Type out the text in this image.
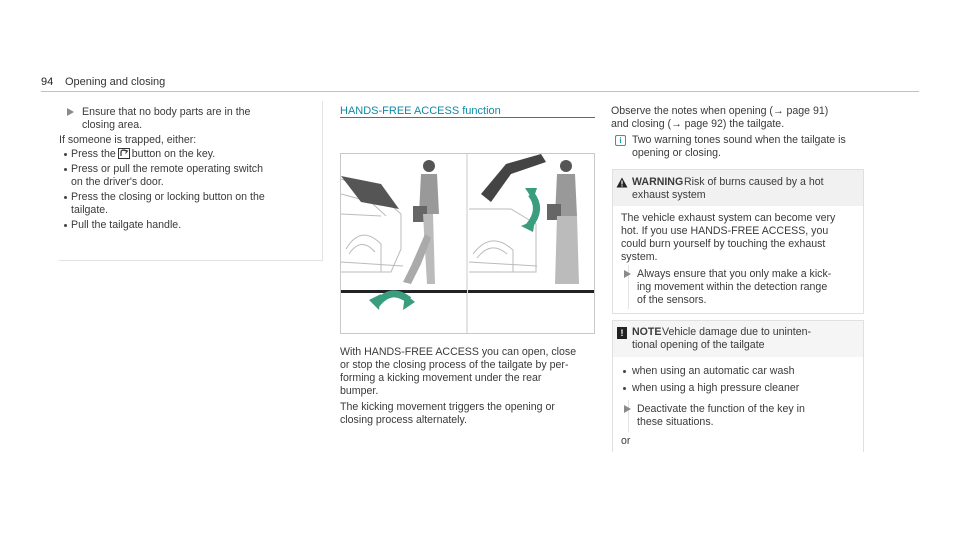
94 Opening and closing
Ensure that no body parts are in the
closing area.
If someone is trapped, either:
Press the button on the key.
Press or pull the remote operating switch
on the driver's door.
Press the closing or locking button on the
tailgate.
Pull the tailgate handle.
HANDS-FREE ACCESS function
With HANDS-FREE ACCESS you can open, close
or stop the closing process of the tailgate by per-
forming a kicking movement under the rear
bumper.
The kicking movement triggers the opening or
closing process alternately.
Observe the notes when opening (→ page 91)
and closing (→ page 92) the tailgate.
i Two warning tones sound when the tailgate is
opening or closing.
WARNING Risk of burns caused by a hot
exhaust system
The vehicle exhaust system can become very
hot. If you use HANDS-FREE ACCESS, you
could burn yourself by touching the exhaust
system.
Always ensure that you only make a kick-
ing movement within the detection range
of the sensors.
! NOTE Vehicle damage due to uninten-
tional opening of the tailgate
when using an automatic car wash
when using a high pressure cleaner
Deactivate the function of the key in
these situations.
or
